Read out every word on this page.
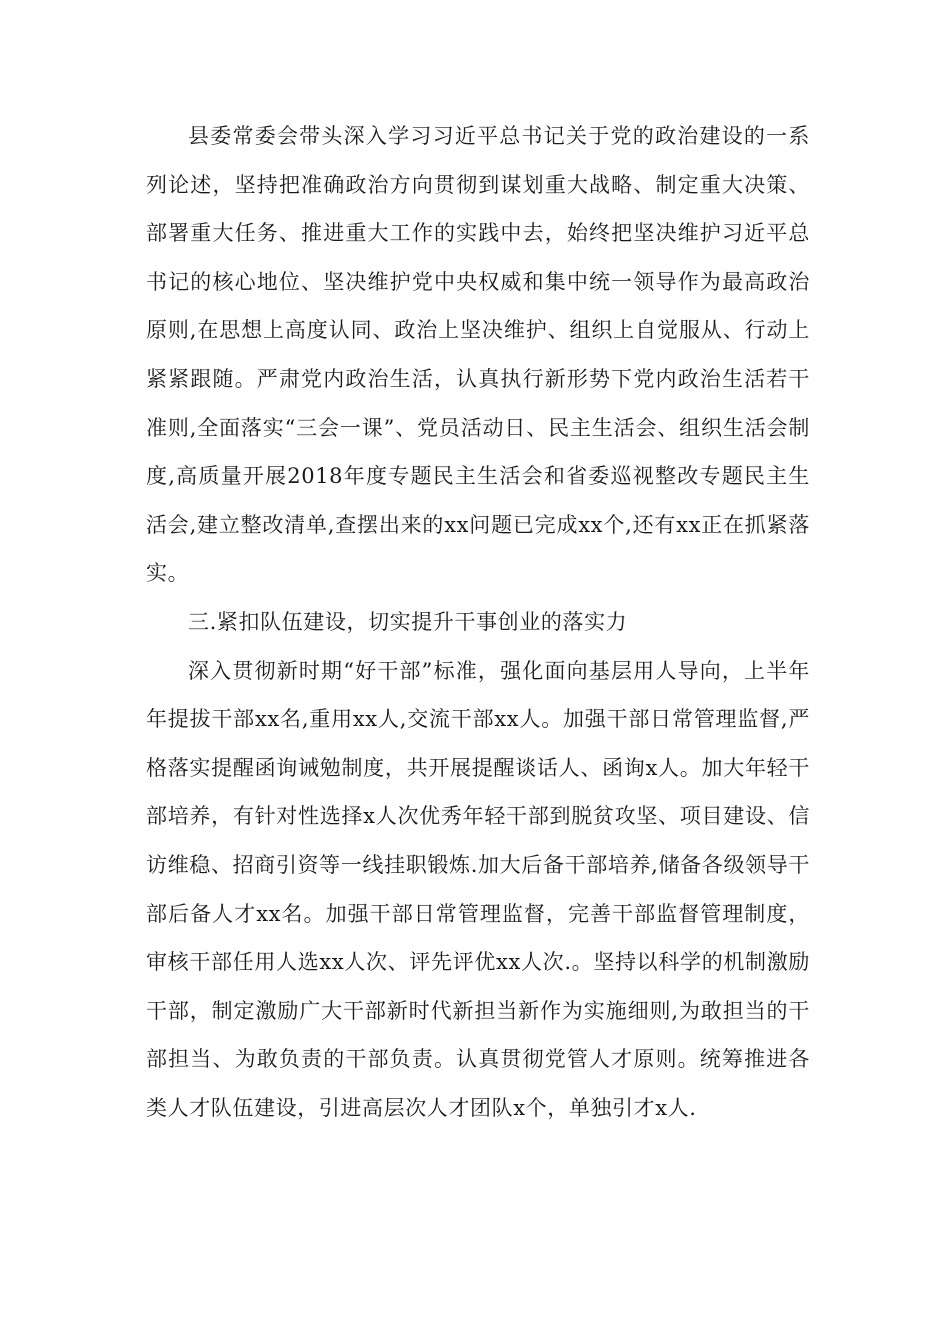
县委常委会带头深入学习习近平总书记关于党的政治建设的一系列论述，坚持把准确政治方向贯彻到谋划重大战略、制定重大决策、部署重大任务、推进重大工作的实践中去，始终把坚决维护习近平总书记的核心地位、坚决维护党中央权威和集中统一领导作为最高政治原则,在思想上高度认同、政治上坚决维护、组织上自觉服从、行动上紧紧跟随。严肃党内政治生活，认真执行新形势下党内政治生活若干准则,全面落实“三会一课”、党员活动日、民主生活会、组织生活会制度,高质量开展2018年度专题民主生活会和省委巡视整改专题民主生活会,建立整改清单,查摆出来的xx问题已完成xx个,还有xx正在抓紧落实。

三.紧扣队伍建设，切实提升干事创业的落实力

深入贯彻新时期“好干部”标准，强化面向基层用人导向，上半年年提拔干部xx名,重用xx人,交流干部xx人。加强干部日常管理监督,严格落实提醒函询诫勉制度，共开展提醒谈话人、函询x人。加大年轻干部培养，有针对性选择x人次优秀年轻干部到脱贫攻坚、项目建设、信访维稳、招商引资等一线挂职锻炼.加大后备干部培养,储备各级领导干部后备人才xx名。加强干部日常管理监督，完善干部监督管理制度，审核干部任用人选xx人次、评先评优xx人次.。坚持以科学的机制激励干部，制定激励广大干部新时代新担当新作为实施细则,为敢担当的干部担当、为敢负责的干部负责。认真贯彻党管人才原则。统筹推进各类人才队伍建设，引进高层次人才团队x个，单独引才x人.
